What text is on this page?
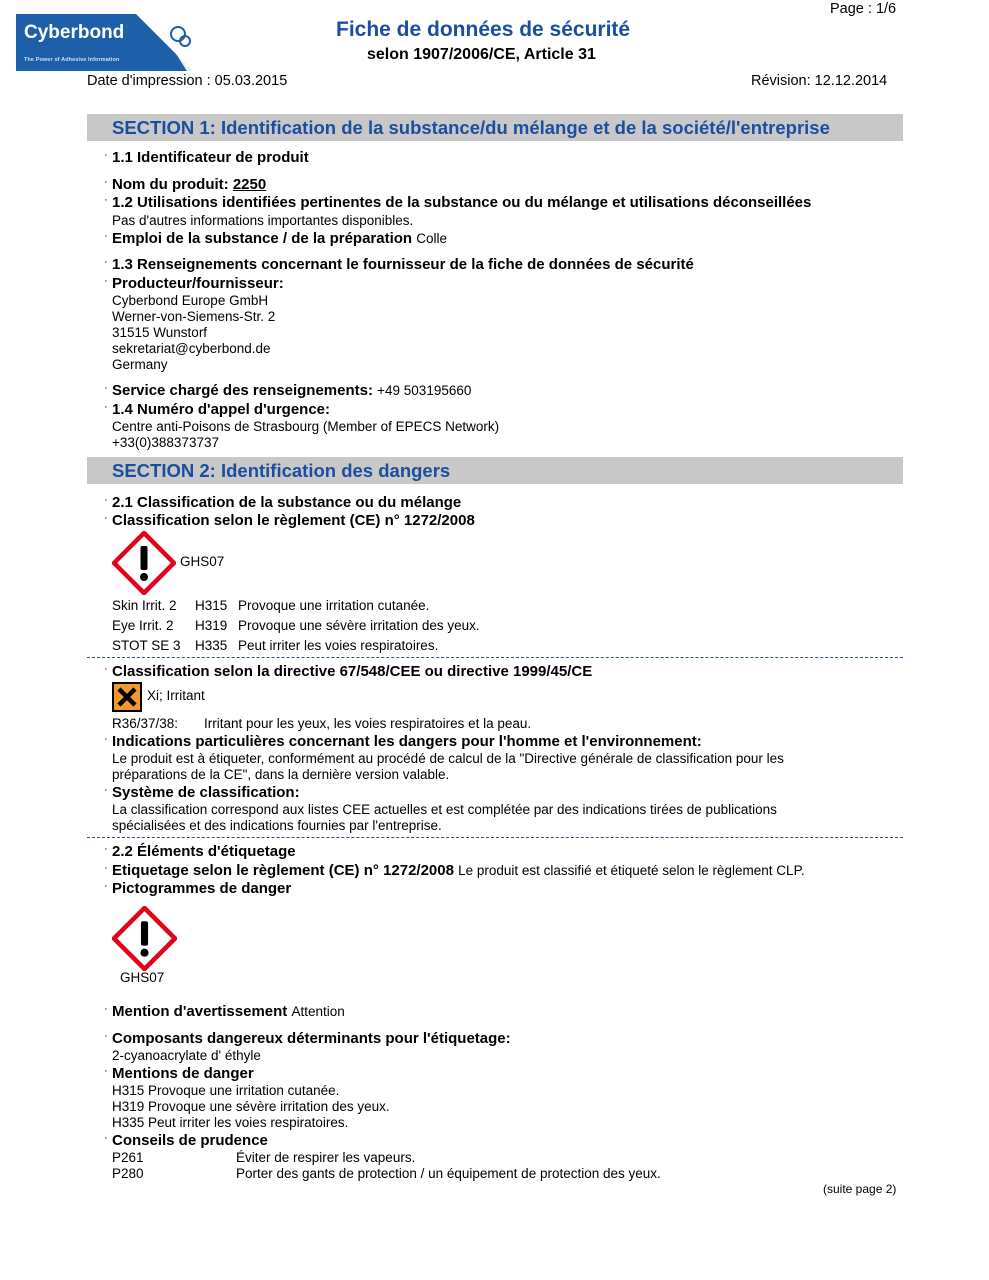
Cyberbond
The Power of Adhesive Information
Fiche de données de sécurité
selon 1907/2006/CE, Article 31
Page : 1/6
Date d'impression : 05.03.2015	Révision: 12.12.2014
SECTION 1: Identification de la substance/du mélange et de la société/l'entreprise
· 1.1 Identificateur de produit
· Nom du produit: 2250
· 1.2 Utilisations identifiées pertinentes de la substance ou du mélange et utilisations déconseillées
Pas d'autres informations importantes disponibles.
· Emploi de la substance / de la préparation Colle
· 1.3 Renseignements concernant le fournisseur de la fiche de données de sécurité
· Producteur/fournisseur:
Cyberbond Europe GmbH
Werner-von-Siemens-Str. 2
31515 Wunstorf
sekretariat@cyberbond.de
Germany
· Service chargé des renseignements: +49 503195660
· 1.4 Numéro d'appel d'urgence:
Centre anti-Poisons de Strasbourg (Member of EPECS Network)
+33(0)388373737
SECTION 2: Identification des dangers
· 2.1 Classification de la substance ou du mélange
· Classification selon le règlement (CE) n° 1272/2008
GHS07
Skin Irrit. 2 H315 Provoque une irritation cutanée.
Eye Irrit. 2 H319 Provoque une sévère irritation des yeux.
STOT SE 3 H335 Peut irriter les voies respiratoires.
· Classification selon la directive 67/548/CEE ou directive 1999/45/CE
Xi; Irritant
R36/37/38: Irritant pour les yeux, les voies respiratoires et la peau.
· Indications particulières concernant les dangers pour l'homme et l'environnement:
Le produit est à étiqueter, conformément au procédé de calcul de la "Directive générale de classification pour les
préparations de la CE", dans la dernière version valable.
· Système de classification:
La classification correspond aux listes CEE actuelles et est complétée par des indications tirées de publications
spécialisées et des indications fournies par l'entreprise.
· 2.2 Éléments d'étiquetage
· Etiquetage selon le règlement (CE) n° 1272/2008 Le produit est classifié et étiqueté selon le règlement CLP.
· Pictogrammes de danger
GHS07
· Mention d'avertissement Attention
· Composants dangereux déterminants pour l'étiquetage:
2-cyanoacrylate d' éthyle
· Mentions de danger
H315 Provoque une irritation cutanée.
H319 Provoque une sévère irritation des yeux.
H335 Peut irriter les voies respiratoires.
· Conseils de prudence
P261	Éviter de respirer les vapeurs.
P280	Porter des gants de protection / un équipement de protection des yeux.
(suite page 2)
